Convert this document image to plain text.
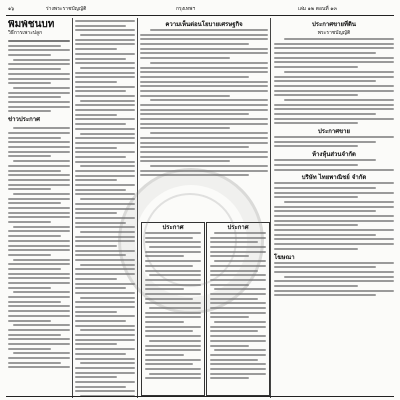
๑๖	ร่างพระราชบัญญัติ	กรุงเทพฯ	เล่ม ๑๒ ตอนที่ ๑๓
พิมพ์ชนบท
วิธีการเพาะปลูก
ข่าวประกาศ
ความเห็นต่อนโยบายเศรษฐกิจ
ประกาศ	ประกาศ
ประกาศขายที่ดิน
พระราชบัญญัติ
ประกาศขาย
ห้างหุ้นส่วนจำกัด
บริษัท ไทยพาณิชย์ จำกัด
โฆษณา
